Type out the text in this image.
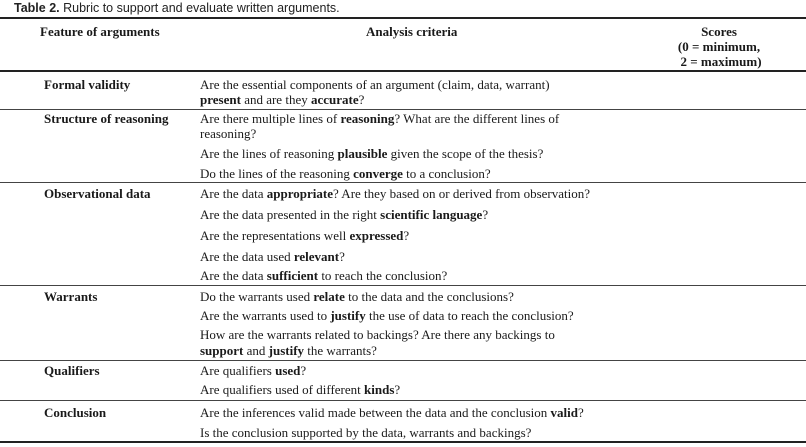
Table 2. Rubric to support and evaluate written arguments.
Feature of arguments	Analysis criteria	Scores
(0 = minimum,
2 = maximum)
Formal validity	Are the essential components of an argument (claim, data, warrant)
present and are they accurate?
Structure of reasoning	Are there multiple lines of reasoning? What are the different lines of
reasoning?
Are the lines of reasoning plausible given the scope of the thesis?
Do the lines of the reasoning converge to a conclusion?
Observational data	Are the data appropriate? Are they based on or derived from observation?
Are the data presented in the right scientific language?
Are the representations well expressed?
Are the data used relevant?
Are the data sufficient to reach the conclusion?
Warrants	Do the warrants used relate to the data and the conclusions?
Are the warrants used to justify the use of data to reach the conclusion?
How are the warrants related to backings? Are there any backings to
support and justify the warrants?
Qualifiers	Are qualifiers used?
Are qualifiers used of different kinds?
Conclusion	Are the inferences valid made between the data and the conclusion valid?
Is the conclusion supported by the data, warrants and backings?
